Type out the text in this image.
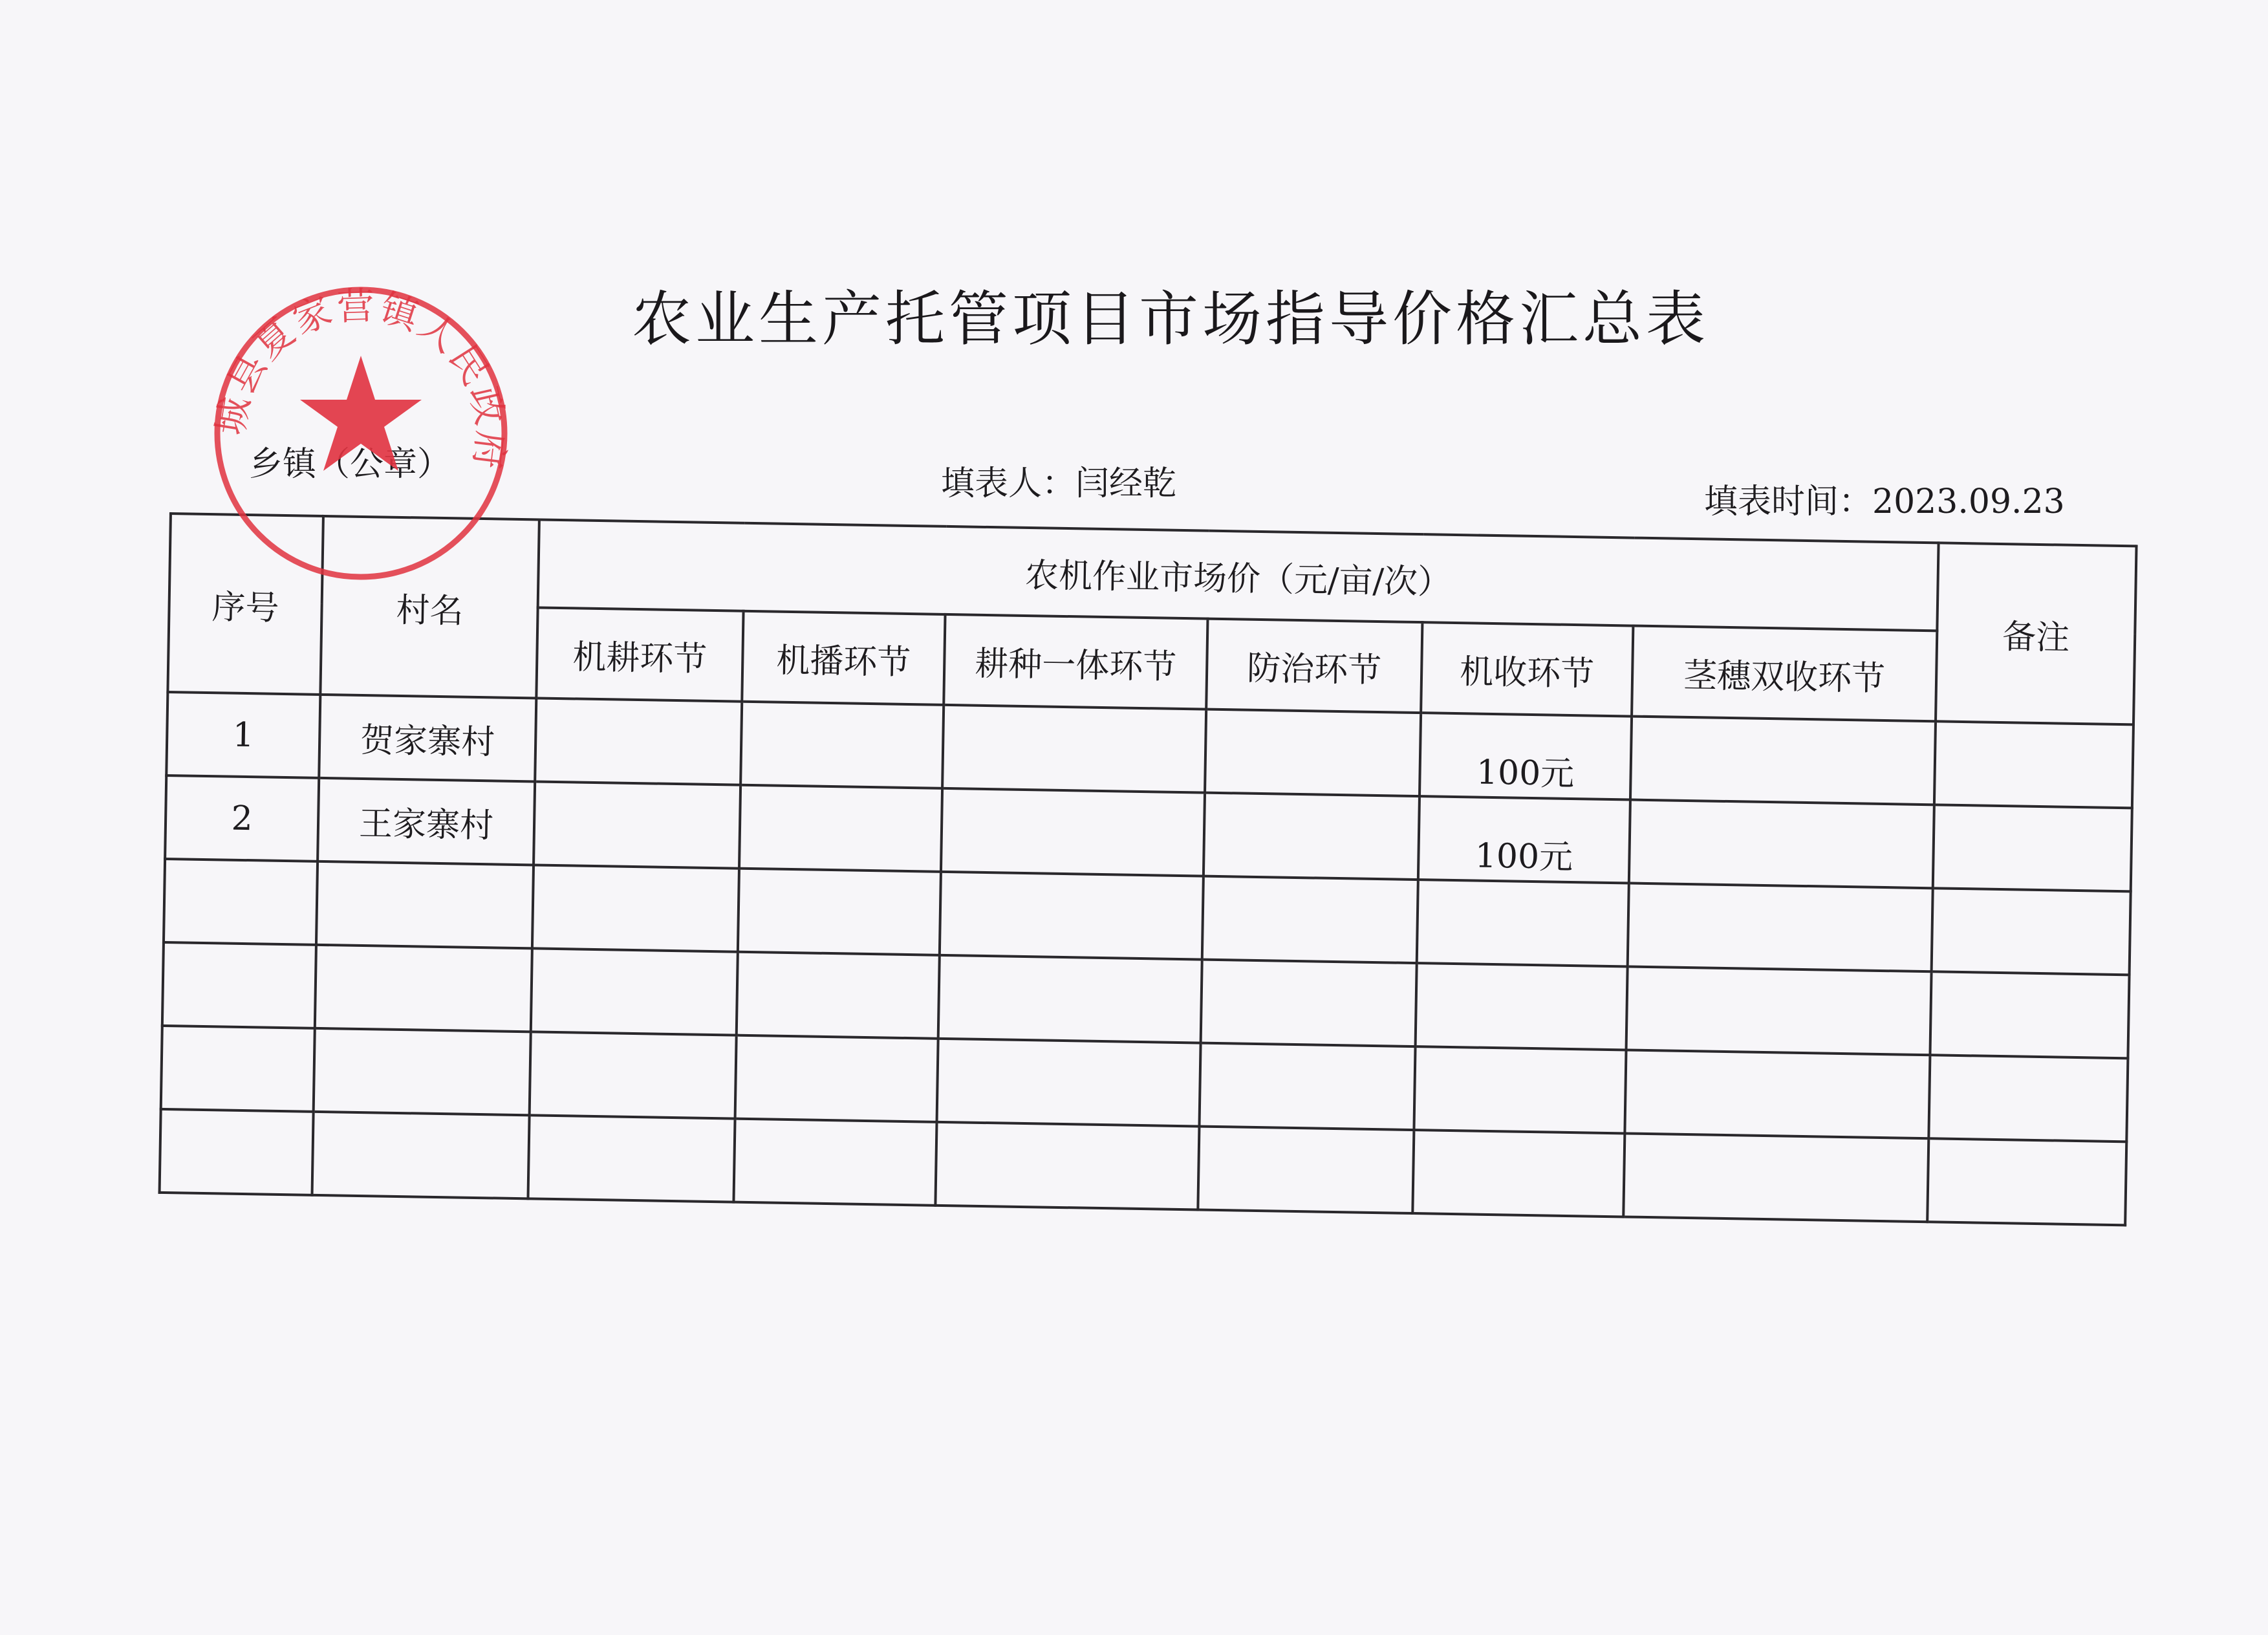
农业生产托管项目市场指导价格汇总表
乡镇（公章）	填表人：闫经乾	填表时间：2023.09.23
序号	村名	农机作业市场价（元/亩/次）						备注
		机耕环节	机播环节	耕种一体环节	防治环节	机收环节	茎穗双收环节	
1	贺家寨村					100元		
2	王家寨村					100元		

城县夏家营镇人民政府
